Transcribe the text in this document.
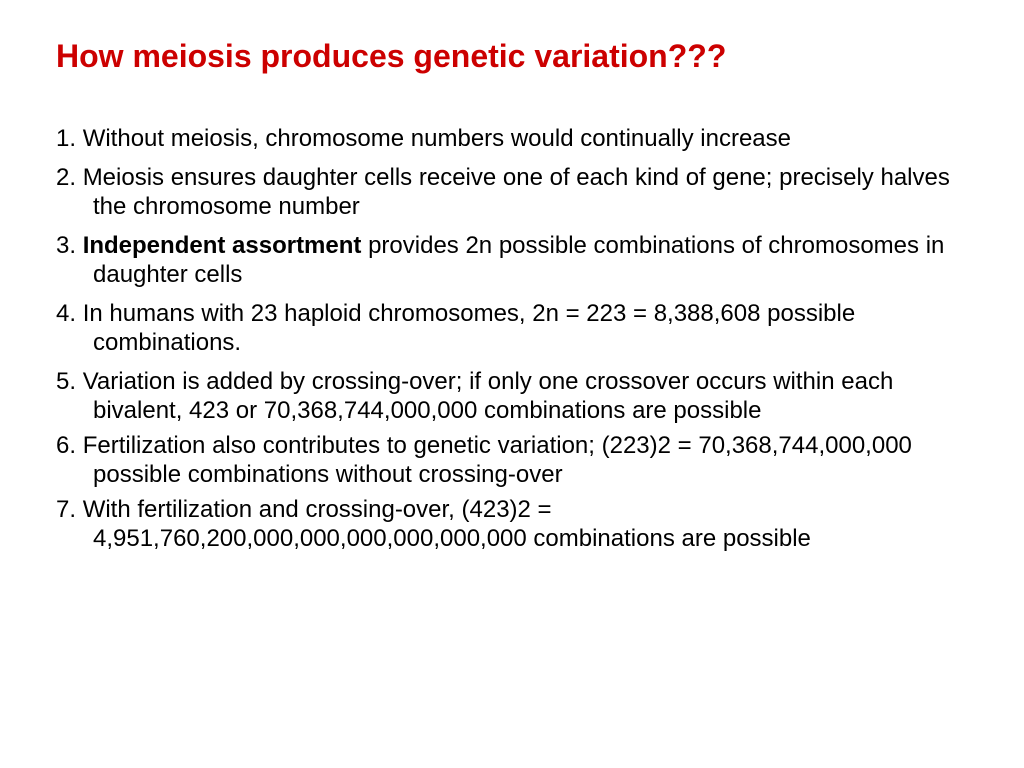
How meiosis produces genetic variation???
1. Without meiosis, chromosome numbers would continually increase
2. Meiosis ensures daughter cells receive one of each kind of gene; precisely halves the chromosome number
3. Independent assortment provides 2n possible combinations of chromosomes in daughter cells
4. In humans with 23 haploid chromosomes, 2n = 223 = 8,388,608 possible combinations.
5. Variation is added by crossing-over; if only one crossover occurs within each bivalent, 423 or 70,368,744,000,000 combinations are possible
6. Fertilization also contributes to genetic variation; (223)2 = 70,368,744,000,000 possible combinations without crossing-over
7. With fertilization and crossing-over, (423)2 = 4,951,760,200,000,000,000,000,000,000 combinations are possible
